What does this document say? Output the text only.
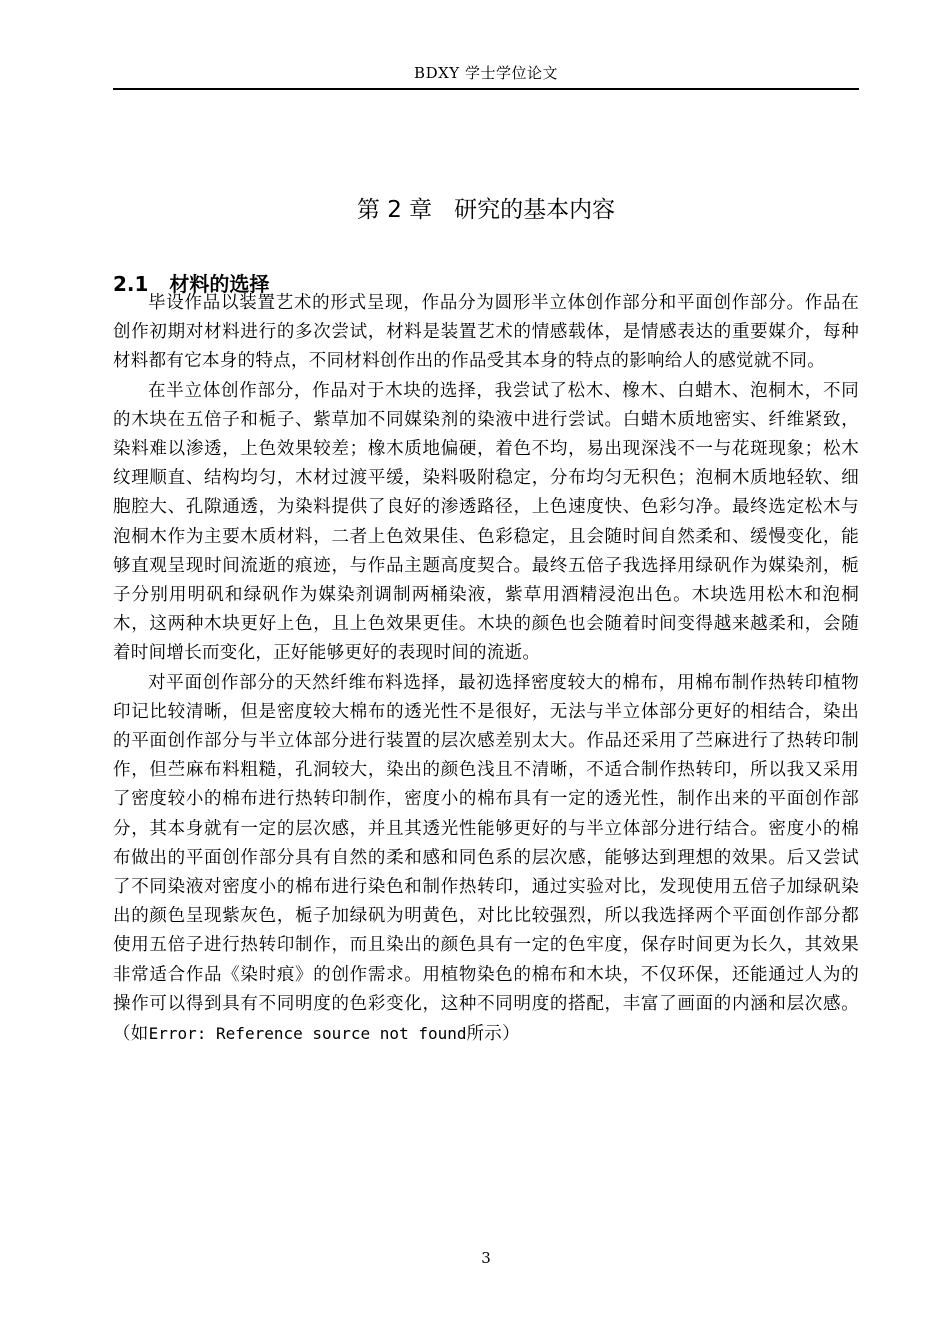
BDXY 学士学位论文
第 2 章   研究的基本内容
2.1   材料的选择

毕设作品以装置艺术的形式呈现，作品分为圆形半立体创作部分和平面创作部分。作品在创作初期对材料进行的多次尝试，材料是装置艺术的情感载体，是情感表达的重要媒介，每种材料都有它本身的特点，不同材料创作出的作品受其本身的特点的影响给人的感觉就不同。

在半立体创作部分，作品对于木块的选择，我尝试了松木、橡木、白蜡木、泡桐木，不同的木块在五倍子和栀子、紫草加不同媒染剂的染液中进行尝试。白蜡木质地密实、纤维紧致，染料难以渗透，上色效果较差；橡木质地偏硬，着色不均，易出现深浅不一与花斑现象；松木纹理顺直、结构均匀，木材过渡平缓，染料吸附稳定，分布均匀无积色；泡桐木质地轻软、细胞腔大、孔隙通透，为染料提供了良好的渗透路径，上色速度快、色彩匀净。最终选定松木与泡桐木作为主要木质材料，二者上色效果佳、色彩稳定，且会随时间自然柔和、缓慢变化，能够直观呈现时间流逝的痕迹，与作品主题高度契合。最终五倍子我选择用绿矾作为媒染剂，栀子分别用明矾和绿矾作为媒染剂调制两桶染液，紫草用酒精浸泡出色。木块选用松木和泡桐木，这两种木块更好上色，且上色效果更佳。木块的颜色也会随着时间变得越来越柔和，会随着时间增长而变化，正好能够更好的表现时间的流逝。

对平面创作部分的天然纤维布料选择，最初选择密度较大的棉布，用棉布制作热转印植物印记比较清晰，但是密度较大棉布的透光性不是很好，无法与半立体部分更好的相结合，染出的平面创作部分与半立体部分进行装置的层次感差别太大。作品还采用了苎麻进行了热转印制作，但苎麻布料粗糙，孔洞较大，染出的颜色浅且不清晰，不适合制作热转印，所以我又采用了密度较小的棉布进行热转印制作，密度小的棉布具有一定的透光性，制作出来的平面创作部分，其本身就有一定的层次感，并且其透光性能够更好的与半立体部分进行结合。密度小的棉布做出的平面创作部分具有自然的柔和感和同色系的层次感，能够达到理想的效果。后又尝试了不同染液对密度小的棉布进行染色和制作热转印，通过实验对比，发现使用五倍子加绿矾染出的颜色呈现紫灰色，栀子加绿矾为明黄色，对比比较强烈，所以我选择两个平面创作部分都使用五倍子进行热转印制作，而且染出的颜色具有一定的色牢度，保存时间更为长久，其效果非常适合作品《染时痕》的创作需求。用植物染色的棉布和木块，不仅环保，还能通过人为的操作可以得到具有不同明度的色彩变化，这种不同明度的搭配，丰富了画面的内涵和层次感。（如Error: Reference source not found所示）

3
